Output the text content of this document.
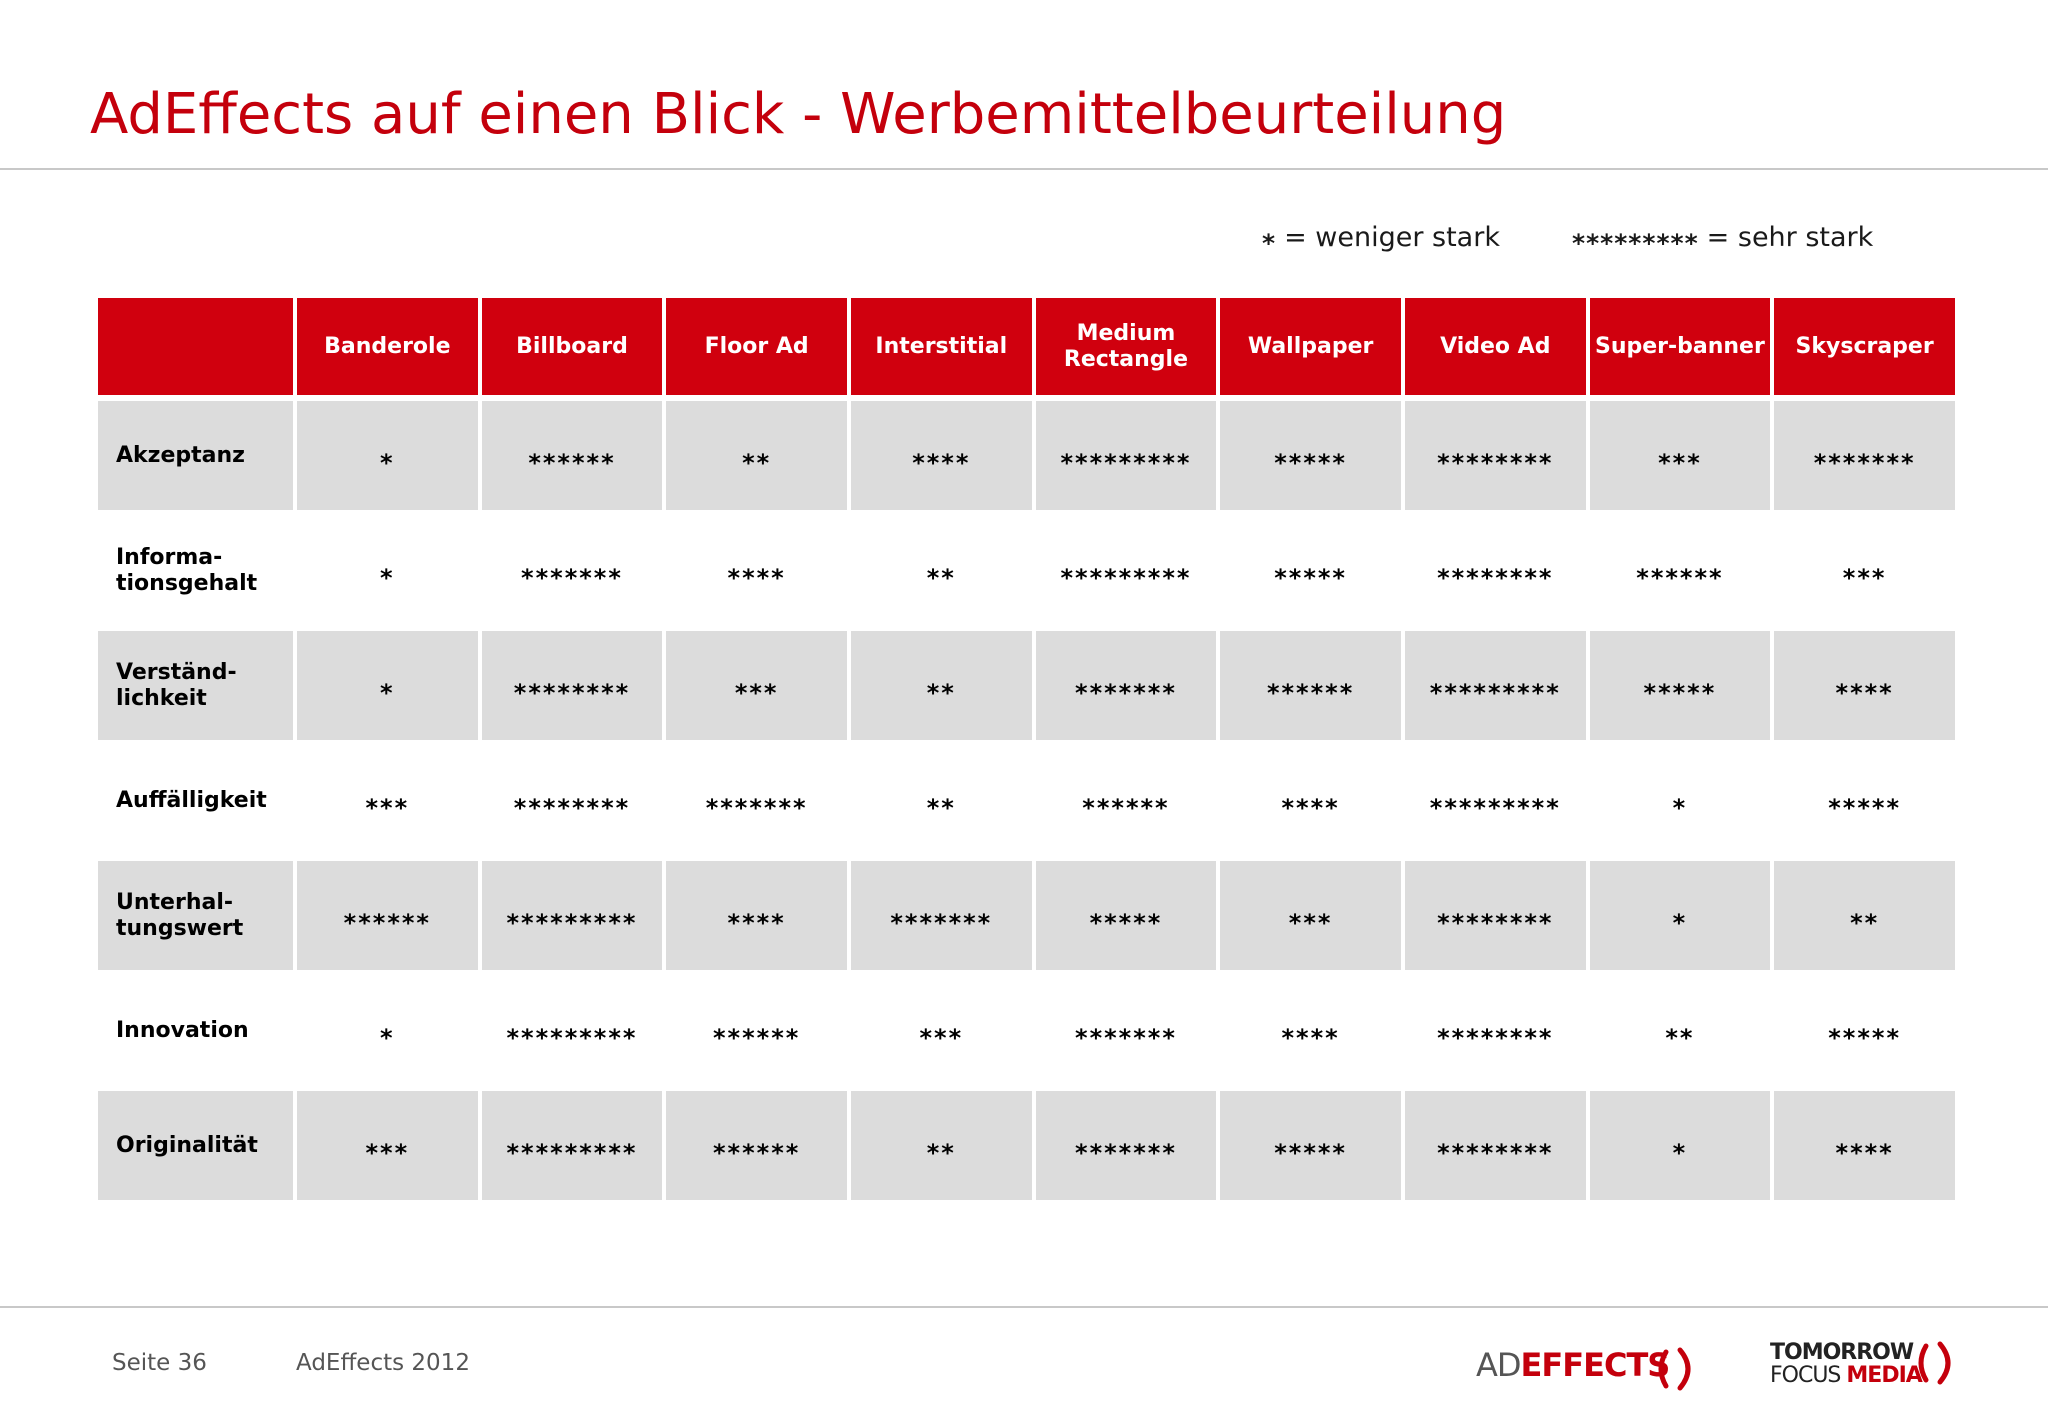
AdEffects auf einen Blick - Werbemittelbeurteilung
* = weniger stark	********* = sehr stark
	Banderole	Billboard	Floor Ad	Interstitial	Medium Rectangle	Wallpaper	Video Ad	Super-banner	Skyscraper
Akzeptanz	*	******	**	****	*********	*****	********	***	*******
Informa-tionsgehalt	*	*******	****	**	*********	*****	********	******	***
Verständ-lichkeit	*	********	***	**	*******	******	*********	*****	****
Auffälligkeit	***	********	*******	**	******	****	*********	*	*****
Unterhal-tungswert	******	*********	****	*******	*****	***	********	*	**
Innovation	*	*********	******	***	*******	****	********	**	*****
Originalität	***	*********	******	**	*******	*****	********	*	****
Seite 36	AdEffects 2012	ADEFFECTS	TOMORROW
FOCUS MEDIA
